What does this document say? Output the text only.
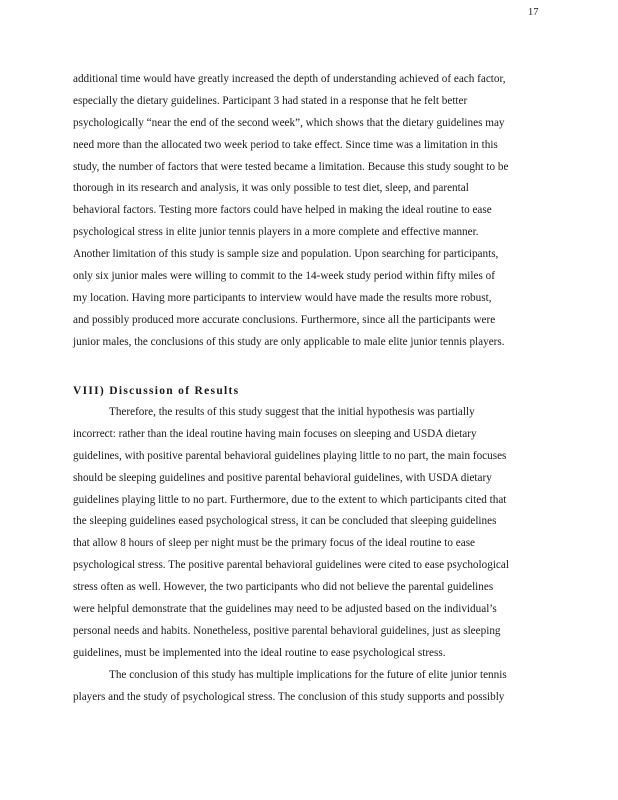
17
additional time would have greatly increased the depth of understanding achieved of each factor,
especially the dietary guidelines. Participant 3 had stated in a response that he felt better
psychologically “near the end of the second week”, which shows that the dietary guidelines may
need more than the allocated two week period to take effect. Since time was a limitation in this
study, the number of factors that were tested became a limitation. Because this study sought to be
thorough in its research and analysis, it was only possible to test diet, sleep, and parental
behavioral factors. Testing more factors could have helped in making the ideal routine to ease
psychological stress in elite junior tennis players in a more complete and effective manner.
Another limitation of this study is sample size and population. Upon searching for participants,
only six junior males were willing to commit to the 14-week study period within fifty miles of
my location. Having more participants to interview would have made the results more robust,
and possibly produced more accurate conclusions. Furthermore, since all the participants were
junior males, the conclusions of this study are only applicable to male elite junior tennis players.
VIII) Discussion of Results
Therefore, the results of this study suggest that the initial hypothesis was partially
incorrect: rather than the ideal routine having main focuses on sleeping and USDA dietary
guidelines, with positive parental behavioral guidelines playing little to no part, the main focuses
should be sleeping guidelines and positive parental behavioral guidelines, with USDA dietary
guidelines playing little to no part. Furthermore, due to the extent to which participants cited that
the sleeping guidelines eased psychological stress, it can be concluded that sleeping guidelines
that allow 8 hours of sleep per night must be the primary focus of the ideal routine to ease
psychological stress. The positive parental behavioral guidelines were cited to ease psychological
stress often as well. However, the two participants who did not believe the parental guidelines
were helpful demonstrate that the guidelines may need to be adjusted based on the individual’s
personal needs and habits. Nonetheless, positive parental behavioral guidelines, just as sleeping
guidelines, must be implemented into the ideal routine to ease psychological stress.
The conclusion of this study has multiple implications for the future of elite junior tennis
players and the study of psychological stress. The conclusion of this study supports and possibly
